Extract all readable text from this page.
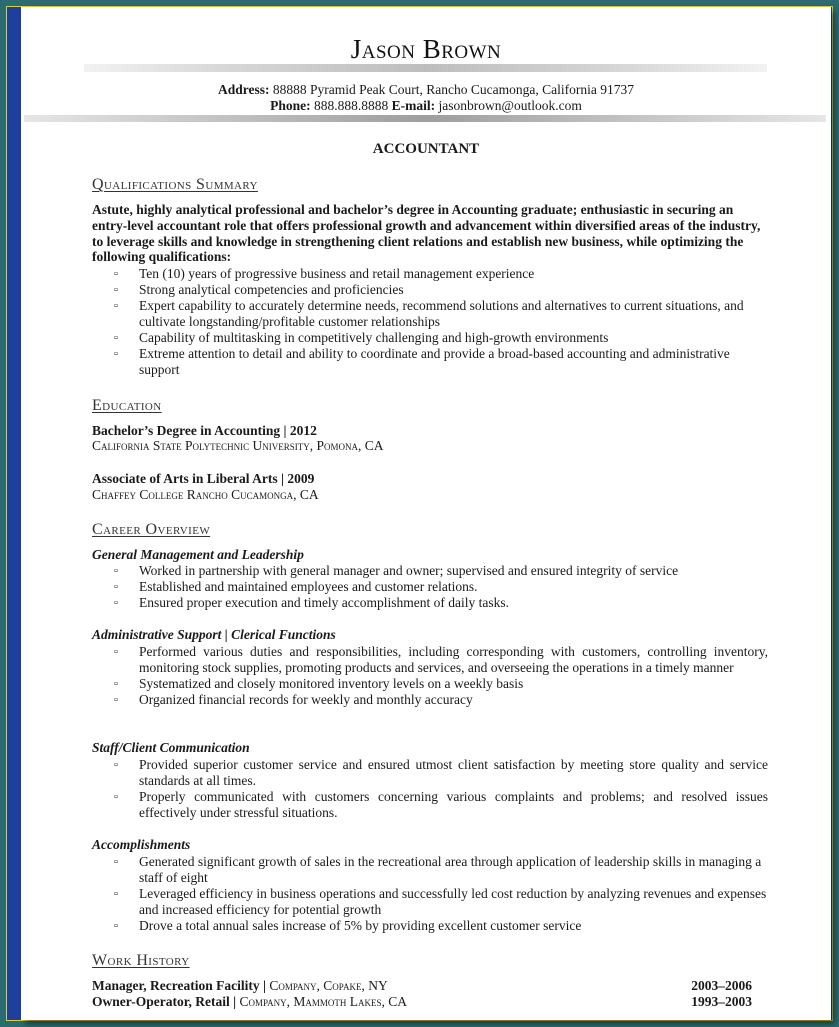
Jason Brown
Address: 88888 Pyramid Peak Court, Rancho Cucamonga, California 91737
Phone: 888.888.8888 E-mail: jasonbrown@outlook.com
ACCOUNTANT
Qualifications Summary
Astute, highly analytical professional and bachelor’s degree in Accounting graduate; enthusiastic in securing an entry-level accountant role that offers professional growth and advancement within diversified areas of the industry, to leverage skills and knowledge in strengthening client relations and establish new business, while optimizing the following qualifications:
▫ Ten (10) years of progressive business and retail management experience
▫ Strong analytical competencies and proficiencies
▫ Expert capability to accurately determine needs, recommend solutions and alternatives to current situations, and cultivate longstanding/profitable customer relationships
▫ Capability of multitasking in competitively challenging and high-growth environments
▫ Extreme attention to detail and ability to coordinate and provide a broad-based accounting and administrative support
Education
Bachelor’s Degree in Accounting | 2012
California State Polytechnic University, Pomona, CA
Associate of Arts in Liberal Arts | 2009
Chaffey College Rancho Cucamonga, CA
Career Overview
General Management and Leadership
▫ Worked in partnership with general manager and owner; supervised and ensured integrity of service
▫ Established and maintained employees and customer relations.
▫ Ensured proper execution and timely accomplishment of daily tasks.
Administrative Support | Clerical Functions
▫ Performed various duties and responsibilities, including corresponding with customers, controlling inventory, monitoring stock supplies, promoting products and services, and overseeing the operations in a timely manner
▫ Systematized and closely monitored inventory levels on a weekly basis
▫ Organized financial records for weekly and monthly accuracy
Staff/Client Communication
▫ Provided superior customer service and ensured utmost client satisfaction by meeting store quality and service standards at all times.
▫ Properly communicated with customers concerning various complaints and problems; and resolved issues effectively under stressful situations.
Accomplishments
▫ Generated significant growth of sales in the recreational area through application of leadership skills in managing a staff of eight
▫ Leveraged efficiency in business operations and successfully led cost reduction by analyzing revenues and expenses and increased efficiency for potential growth
▫ Drove a total annual sales increase of 5% by providing excellent customer service
Work History
Manager, Recreation Facility | Company, Copake, NY	2003–2006
Owner-Operator, Retail | Company, Mammoth Lakes, CA	1993–2003
